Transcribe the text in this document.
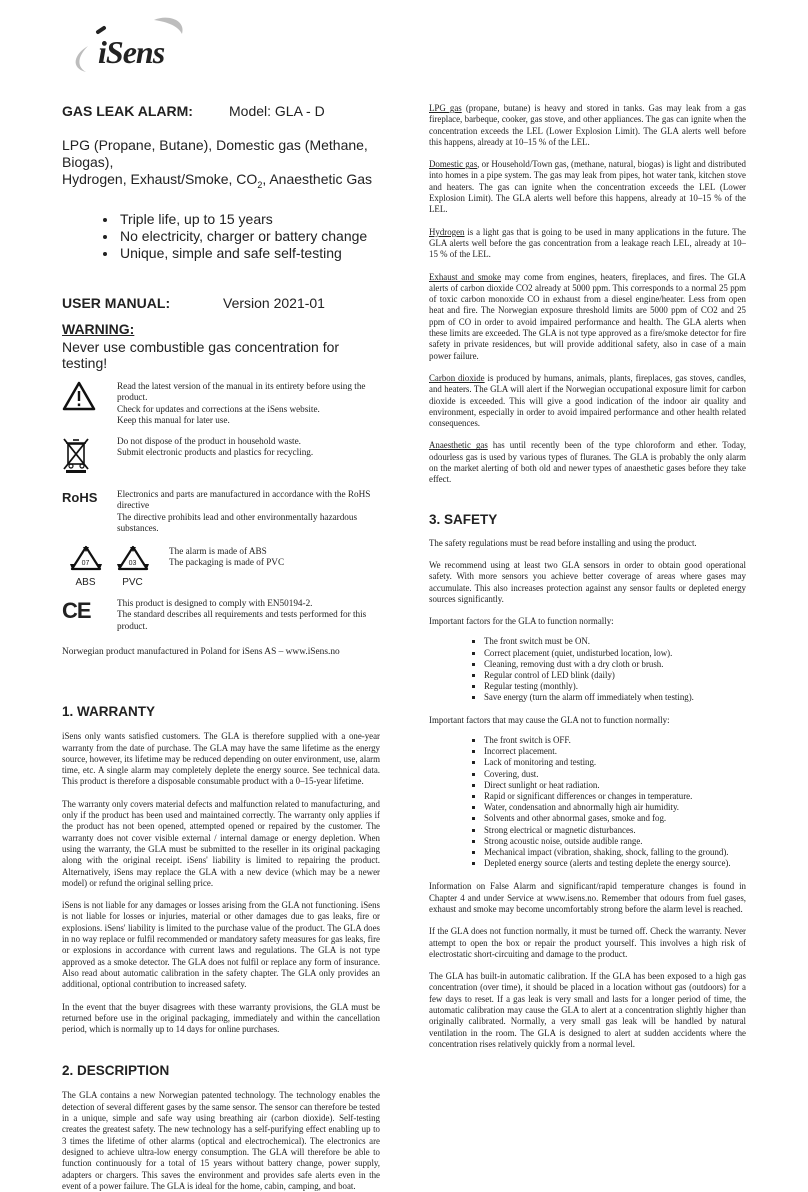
iSens
GAS LEAK ALARM:	Model: GLA - D
LPG (Propane, Butane), Domestic gas (Methane, Biogas),
Hydrogen, Exhaust/Smoke, $CO_2$, Anaesthetic Gas
• Triple life, up to 15 years
• No electricity, charger or battery change
• Unique, simple and safe self-testing
USER MANUAL:	Version 2021-01
WARNING:
Never use combustible gas concentration for testing!
Read the latest version of the manual in its entirety before using the product.
Check for updates and corrections at the iSens website.
Keep this manual for later use.
Do not dispose of the product in household waste.
Submit electronic products and plastics for recycling.
RoHS	Electronics and parts are manufactured in accordance with the RoHS directive
The directive prohibits lead and other environmentally hazardous substances.
07
ABS
03
PVC
The alarm is made of ABS
The packaging is made of PVC
CE	This product is designed to comply with EN50194-2.
The standard describes all requirements and tests performed for this product.
Norwegian product manufactured in Poland for iSens AS – www.iSens.no
1. WARRANTY

iSens only wants satisfied customers. The GLA is therefore supplied with a one-year warranty from the date of purchase. The GLA may have the same lifetime as the energy source, however, its lifetime may be reduced depending on outer environment, use, alarm time, etc. A single alarm may completely deplete the energy source. See technical data. This product is therefore a disposable consumable product with a 0–15-year lifetime.

The warranty only covers material defects and malfunction related to manufacturing, and only if the product has been used and maintained correctly. The warranty only applies if the product has not been opened, attempted opened or repaired by the customer. The warranty does not cover visible external / internal damage or energy depletion. When using the warranty, the GLA must be submitted to the reseller in its original packaging along with the original receipt. iSens' liability is limited to repairing the product. Alternatively, iSens may replace the GLA with a new device (which may be a newer model) or refund the original selling price.

iSens is not liable for any damages or losses arising from the GLA not functioning. iSens is not liable for losses or injuries, material or other damages due to gas leaks, fire or explosions. iSens' liability is limited to the purchase value of the product. The GLA does in no way replace or fulfil recommended or mandatory safety measures for gas leaks, fire or explosions in accordance with current laws and regulations. The GLA is not type approved as a smoke detector. The GLA does not fulfil or replace any form of insurance. Also read about automatic calibration in the safety chapter. The GLA only provides an additional, optional contribution to increased safety.

In the event that the buyer disagrees with these warranty provisions, the GLA must be returned before use in the original packaging, immediately and within the cancellation period, which is normally up to 14 days for online purchases.

2. DESCRIPTION

The GLA contains a new Norwegian patented technology. The technology enables the detection of several different gases by the same sensor. The sensor can therefore be tested in a unique, simple and safe way using breathing air (carbon dioxide). Self-testing creates the greatest safety. The new technology has a self-purifying effect enabling up to 3 times the lifetime of other alarms (optical and electrochemical). The electronics are designed to achieve ultra-low energy consumption. The GLA will therefore be able to function continuously for a total of 15 years without battery change, power supply, adapters or chargers. This saves the environment and provides safe alerts even in the event of a power failure. The GLA is ideal for the home, cabin, camping, and boat.

LPG gas (propane, butane) is heavy and stored in tanks. Gas may leak from a gas fireplace, barbeque, cooker, gas stove, and other appliances. The gas can ignite when the concentration exceeds the LEL (Lower Explosion Limit). The GLA alerts well before this happens, already at 10–15 % of the LEL.

Domestic gas, or Household/Town gas, (methane, natural, biogas) is light and distributed into homes in a pipe system. The gas may leak from pipes, hot water tank, kitchen stove and heaters. The gas can ignite when the concentration exceeds the LEL (Lower Explosion Limit). The GLA alerts well before this happens, already at 10–15 % of the LEL.

Hydrogen is a light gas that is going to be used in many applications in the future. The GLA alerts well before the gas concentration from a leakage reach LEL, already at 10–15 % of the LEL.

Exhaust and smoke may come from engines, heaters, fireplaces, and fires. The GLA alerts of carbon dioxide CO2 already at 5000 ppm. This corresponds to a normal 25 ppm of toxic carbon monoxide CO in exhaust from a diesel engine/heater. Less from open heat and fire. The Norwegian exposure threshold limits are 5000 ppm of CO2 and 25 ppm of CO in order to avoid impaired performance and health. The GLA alerts when these limits are exceeded. The GLA is not type approved as a fire/smoke detector for fire safety in private residences, but will provide additional safety, also in case of a main power failure.

Carbon dioxide is produced by humans, animals, plants, fireplaces, gas stoves, candles, and heaters. The GLA will alert if the Norwegian occupational exposure limit for carbon dioxide is exceeded. This will give a good indication of the indoor air quality and environment, especially in order to avoid impaired performance and other health related consequences.

Anaesthetic gas has until recently been of the type chloroform and ether. Today, odourless gas is used by various types of fluranes. The GLA is probably the only alarm on the market alerting of both old and newer types of anaesthetic gases before they take effect.

3. SAFETY

The safety regulations must be read before installing and using the product.

We recommend using at least two GLA sensors in order to obtain good operational safety. With more sensors you achieve better coverage of areas where gases may accumulate. This also increases protection against any sensor faults or depleted energy sources significantly.

Important factors for the GLA to function normally:

▪ The front switch must be ON.
▪ Correct placement (quiet, undisturbed location, low).
▪ Cleaning, removing dust with a dry cloth or brush.
▪ Regular control of LED blink (daily)
▪ Regular testing (monthly).
▪ Save energy (turn the alarm off immediately when testing).

Important factors that may cause the GLA not to function normally:

▪ The front switch is OFF.
▪ Incorrect placement.
▪ Lack of monitoring and testing.
▪ Covering, dust.
▪ Direct sunlight or heat radiation.
▪ Rapid or significant differences or changes in temperature.
▪ Water, condensation and abnormally high air humidity.
▪ Solvents and other abnormal gases, smoke and fog.
▪ Strong electrical or magnetic disturbances.
▪ Strong acoustic noise, outside audible range.
▪ Mechanical impact (vibration, shaking, shock, falling to the ground).
▪ Depleted energy source (alerts and testing deplete the energy source).

Information on False Alarm and significant/rapid temperature changes is found in Chapter 4 and under Service at www.isens.no. Remember that odours from fuel gases, exhaust and smoke may become uncomfortably strong before the alarm level is reached.

If the GLA does not function normally, it must be turned off. Check the warranty. Never attempt to open the box or repair the product yourself. This involves a high risk of electrostatic short-circuiting and damage to the product.

The GLA has built-in automatic calibration. If the GLA has been exposed to a high gas concentration (over time), it should be placed in a location without gas (outdoors) for a few days to reset. If a gas leak is very small and lasts for a longer period of time, the automatic calibration may cause the GLA to alert at a concentration slightly higher than originally calibrated. Normally, a very small gas leak will be handled by natural ventilation in the room. The GLA is designed to alert at sudden accidents where the concentration rises relatively quickly from a normal level.
